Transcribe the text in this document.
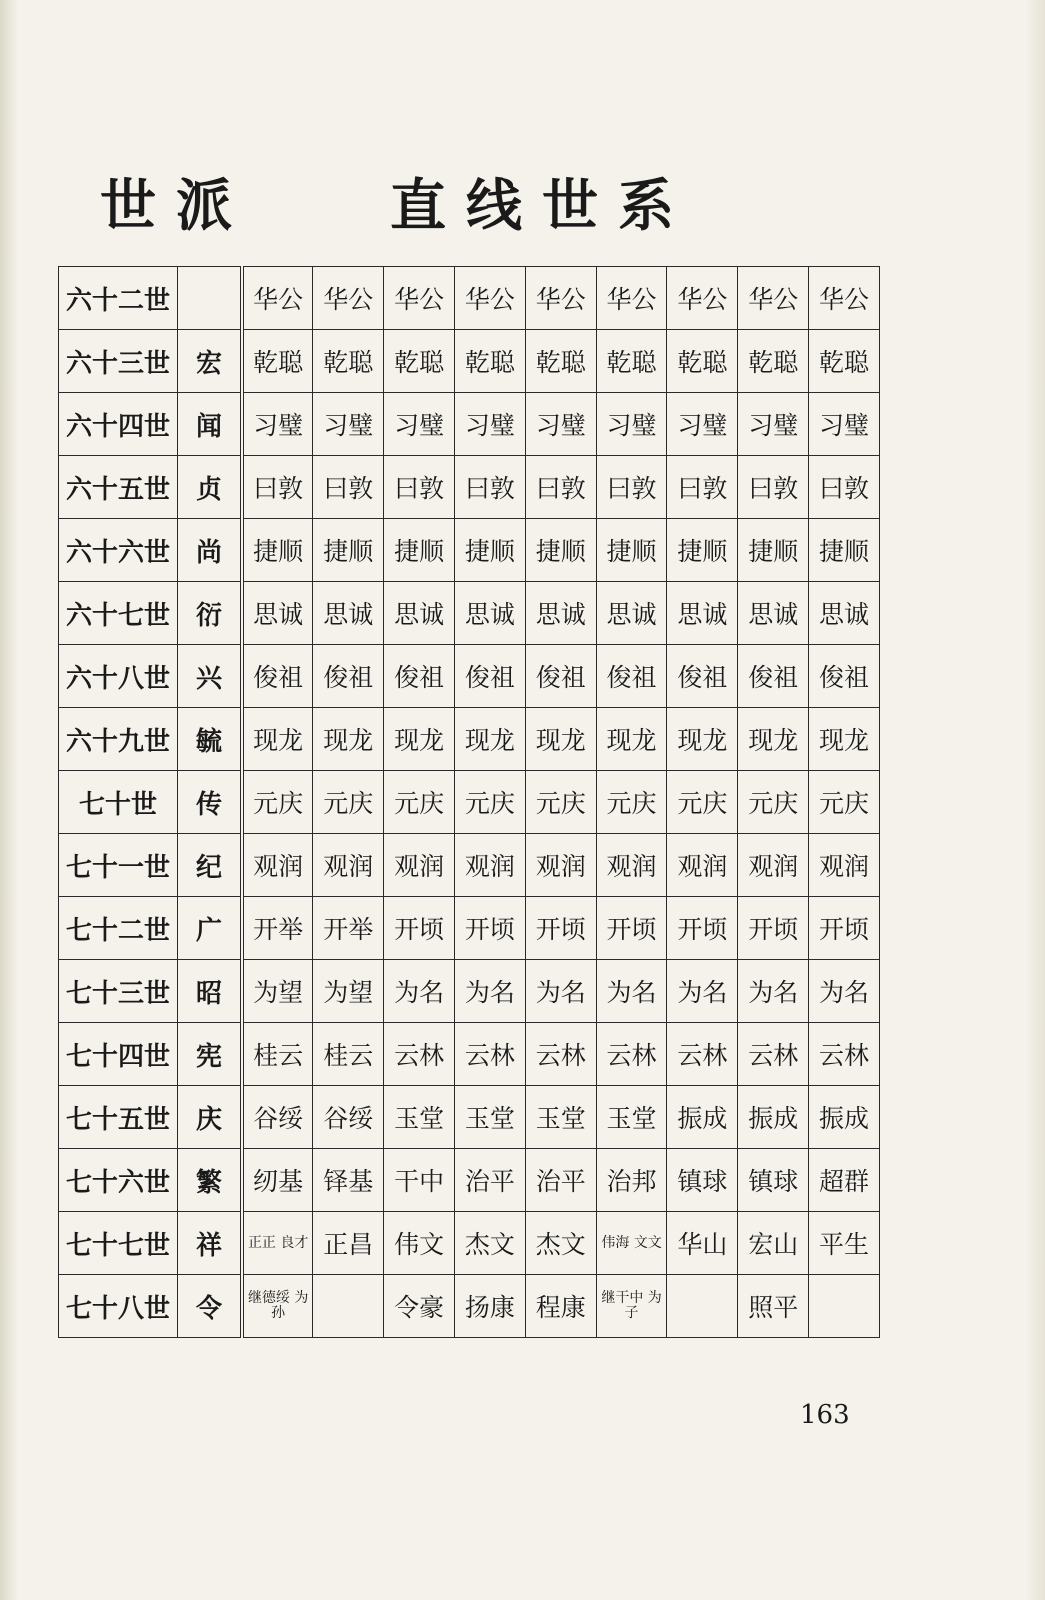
世派 直线世系
六十二世		华公	华公	华公	华公	华公	华公	华公	华公	华公
六十三世	宏	乾聪	乾聪	乾聪	乾聪	乾聪	乾聪	乾聪	乾聪	乾聪
六十四世	闻	习璧	习璧	习璧	习璧	习璧	习璧	习璧	习璧	习璧
六十五世	贞	曰敦	曰敦	曰敦	曰敦	曰敦	曰敦	曰敦	曰敦	曰敦
六十六世	尚	捷顺	捷顺	捷顺	捷顺	捷顺	捷顺	捷顺	捷顺	捷顺
六十七世	衍	思诚	思诚	思诚	思诚	思诚	思诚	思诚	思诚	思诚
六十八世	兴	俊祖	俊祖	俊祖	俊祖	俊祖	俊祖	俊祖	俊祖	俊祖
六十九世	毓	现龙	现龙	现龙	现龙	现龙	现龙	现龙	现龙	现龙
七十世	传	元庆	元庆	元庆	元庆	元庆	元庆	元庆	元庆	元庆
七十一世	纪	观润	观润	观润	观润	观润	观润	观润	观润	观润
七十二世	广	开举	开举	开顷	开顷	开顷	开顷	开顷	开顷	开顷
七十三世	昭	为望	为望	为名	为名	为名	为名	为名	为名	为名
七十四世	宪	桂云	桂云	云林	云林	云林	云林	云林	云林	云林
七十五世	庆	谷绥	谷绥	玉堂	玉堂	玉堂	玉堂	振成	振成	振成
七十六世	繁	纫基	铎基	干中	治平	治平	治邦	镇球	镇球	超群
七十七世	祥	正正 良才	正昌	伟文	杰文	杰文	伟海 文文	华山	宏山	平生
七十八世	令	继德绥 为孙		令豪	扬康	程康	继干中 为子		照平	
163
